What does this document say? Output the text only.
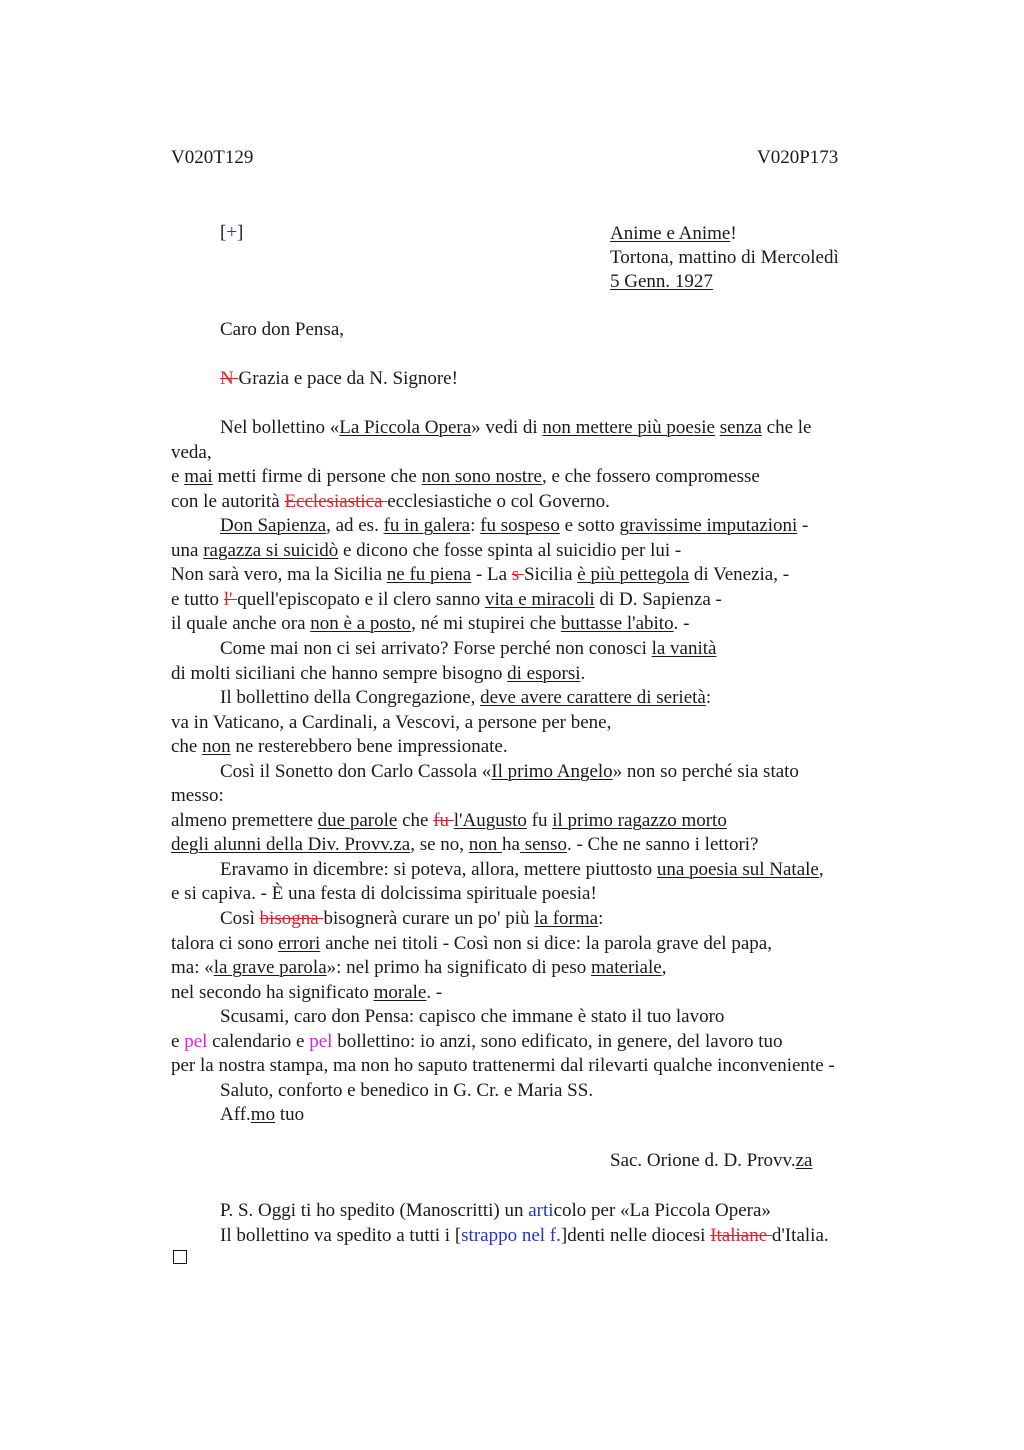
V020T129	V020P173
[+]	Anime e Anime!
Tortona, mattino di Mercoledì
5 Genn. 1927
Caro don Pensa,
N Grazia e pace da N. Signore!
Nel bollettino «La Piccola Opera» vedi di non mettere più poesie senza che le
veda,
e mai metti firme di persone che non sono nostre, e che fossero compromesse
con le autorità Ecclesiastica ecclesiastiche o col Governo.
Don Sapienza, ad es. fu in galera: fu sospeso e sotto gravissime imputazioni -
una ragazza si suicidò e dicono che fosse spinta al suicidio per lui -
Non sarà vero, ma la Sicilia ne fu piena - La s Sicilia è più pettegola di Venezia, -
e tutto l' quell'episcopato e il clero sanno vita e miracoli di D. Sapienza -
il quale anche ora non è a posto, né mi stupirei che buttasse l'abito. -
Come mai non ci sei arrivato? Forse perché non conosci la vanità
di molti siciliani che hanno sempre bisogno di esporsi.
Il bollettino della Congregazione, deve avere carattere di serietà:
va in Vaticano, a Cardinali, a Vescovi, a persone per bene,
che non ne resterebbero bene impressionate.
Così il Sonetto don Carlo Cassola «Il primo Angelo» non so perché sia stato
messo:
almeno premettere due parole che fu l'Augusto fu il primo ragazzo morto
degli alunni della Div. Provv.za, se no, non ha senso. - Che ne sanno i lettori?
Eravamo in dicembre: si poteva, allora, mettere piuttosto una poesia sul Natale,
e si capiva. - È una festa di dolcissima spirituale poesia!
Così bisogna bisognerà curare un po' più la forma:
talora ci sono errori anche nei titoli - Così non si dice: la parola grave del papa,
ma: «la grave parola»: nel primo ha significato di peso materiale,
nel secondo ha significato morale. -
Scusami, caro don Pensa: capisco che immane è stato il tuo lavoro
e pel calendario e pel bollettino: io anzi, sono edificato, in genere, del lavoro tuo
per la nostra stampa, ma non ho saputo trattenermi dal rilevarti qualche inconveniente -
Saluto, conforto e benedico in G. Cr. e Maria SS.
Aff.mo tuo
Sac. Orione d. D. Provv.za
P. S. Oggi ti ho spedito (Manoscritti) un articolo per «La Piccola Opera»
Il bollettino va spedito a tutti i [strappo nel f.]denti nelle diocesi Italiane d'Italia.
